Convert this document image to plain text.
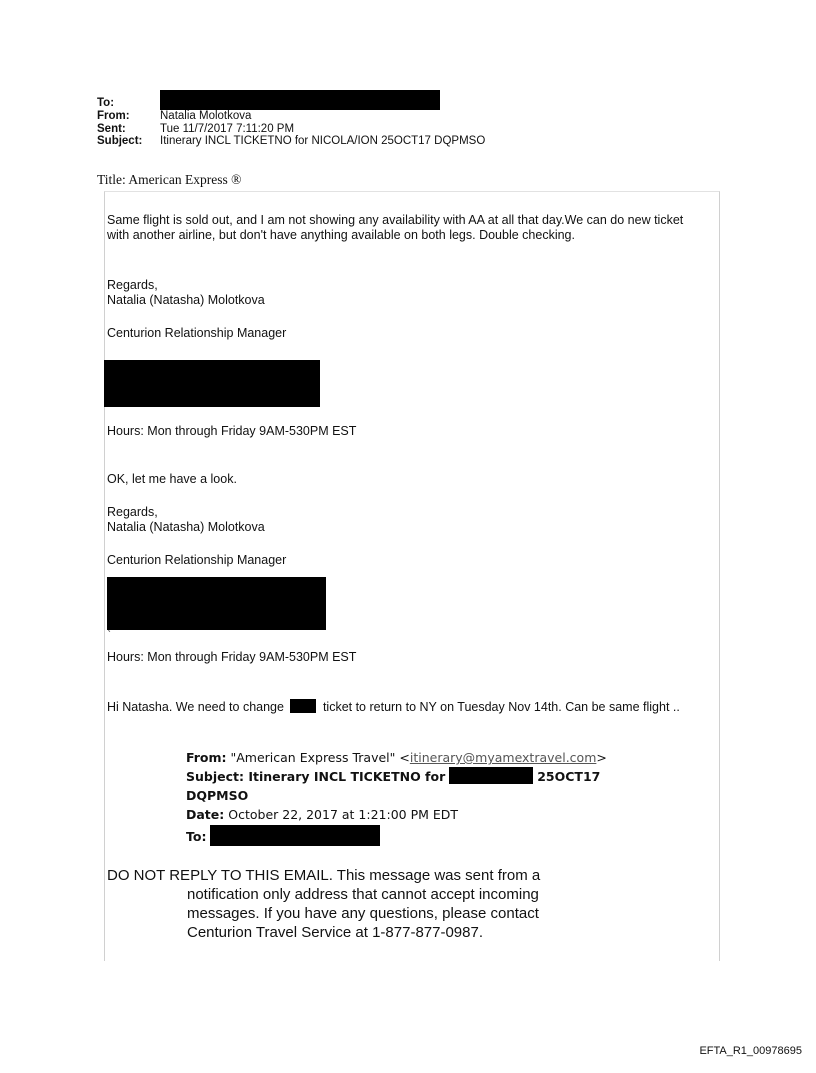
To:
From:	Natalia Molotkova
Sent:	Tue 11/7/2017 7:11:20 PM
Subject:	Itinerary INCL TICKETNO for NICOLA/ION 25OCT17 DQPMSO
Title: American Express ®
Same flight is sold out, and I am not showing any availability with AA at all that day.We can do new ticket with another airline, but don't have anything available on both legs. Double checking.
Regards,
Natalia (Natasha) Molotkova
Centurion Relationship Manager
Hours: Mon through Friday 9AM-530PM EST
OK, let me have a look.
Regards,
Natalia (Natasha) Molotkova
Centurion Relationship Manager
Hours: Mon through Friday 9AM-530PM EST
Hi Natasha. We need to change	ticket to return to NY on Tuesday Nov 14th. Can be same flight ..
From: "American Express Travel" <itinerary@myamextravel.com>
Subject: Itinerary INCL TICKETNO for	25OCT17
DQPMSO
Date: October 22, 2017 at 1:21:00 PM EDT
To:
DO NOT REPLY TO THIS EMAIL. This message was sent from a
notification only address that cannot accept incoming
messages. If you have any questions, please contact
Centurion Travel Service at 1-877-877-0987.
EFTA_R1_00978695
